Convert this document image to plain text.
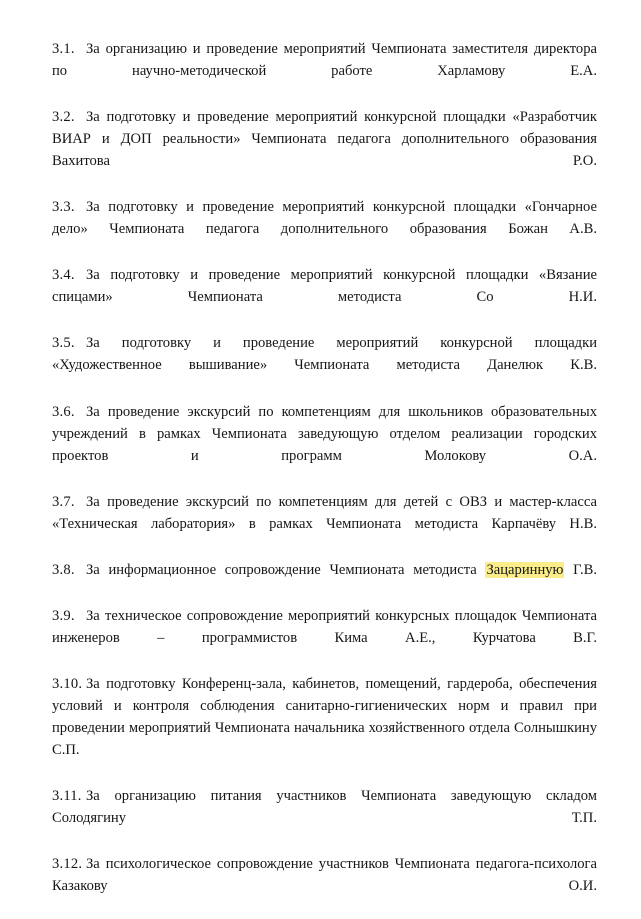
3.1. За организацию и проведение мероприятий Чемпионата заместителя директора по научно-методической работе Харламову Е.А.

3.2. За подготовку и проведение мероприятий конкурсной площадки «Разработчик ВИАР и ДОП реальности» Чемпионата педагога дополнительного образования Вахитова Р.О.

3.3. За подготовку и проведение мероприятий конкурсной площадки «Гончарное дело» Чемпионата педагога дополнительного образования Божан А.В.

3.4. За подготовку и проведение мероприятий конкурсной площадки «Вязание спицами» Чемпионата методиста Со Н.И.

3.5. За подготовку и проведение мероприятий конкурсной площадки «Художественное вышивание» Чемпионата методиста Данелюк К.В.

3.6. За проведение экскурсий по компетенциям для школьников образовательных учреждений в рамках Чемпионата заведующую отделом реализации городских проектов и программ Молокову О.А.

3.7. За проведение экскурсий по компетенциям для детей с ОВЗ и мастер-класса «Техническая лаборатория» в рамках Чемпионата методиста Карпачёву Н.В.

3.8. За информационное сопровождение Чемпионата методиста Зацаринную Г.В.

3.9. За техническое сопровождение мероприятий конкурсных площадок Чемпионата инженеров – программистов Кима А.Е., Курчатова В.Г.

3.10. За подготовку Конференц-зала, кабинетов, помещений, гардероба, обеспечения условий и контроля соблюдения санитарно-гигиенических норм и правил при проведении мероприятий Чемпионата начальника хозяйственного отдела Солнышкину С.П.

3.11. За организацию питания участников Чемпионата заведующую складом Солодягину Т.П.

3.12. За психологическое сопровождение участников Чемпионата педагога-психолога Казакову О.И.
